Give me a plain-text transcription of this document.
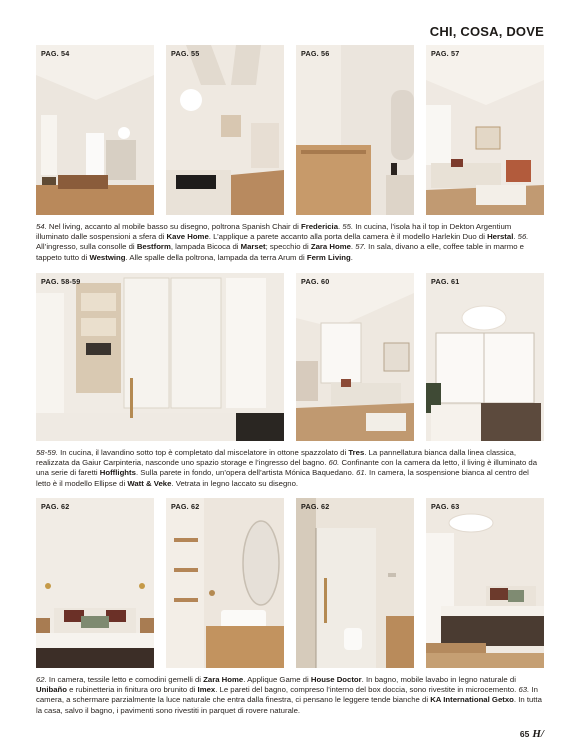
CHI, COSA, DOVE
PAG. 54	PAG. 55	PAG. 56	PAG. 57
54. Nel living, accanto al mobile basso su disegno, poltrona Spanish Chair di Fredericia. 55. In cucina, l’isola ha il top in Dekton Argentium illuminato dalle sospensioni a sfera di Kave Home. L’applique a parete accanto alla porta della camera è il modello Harlekin Duo di Herstal. 56. All’ingresso, sulla consolle di Bestform, lampada Bicoca di Marset; specchio di Zara Home. 57. In sala, divano a elle, coffee table in marmo e tappeto tutto di Westwing. Alle spalle della poltrona, lampada da terra Arum di Ferm Living.
PAG. 58-59	PAG. 60	PAG. 61
58-59. In cucina, il lavandino sotto top è completato dal miscelatore in ottone spazzolato di Tres. La pannellatura bianca dalla linea classica, realizzata da Gaiur Carpinteria, nasconde uno spazio storage e l’ingresso del bagno. 60. Confinante con la camera da letto, il living è illuminato da una serie di faretti Hofflights. Sulla parete in fondo, un’opera dell’artista Mónica Baquedano. 61. In camera, la sospensione bianca al centro del letto è il modello Ellipse di Watt & Veke. Vetrata in legno laccato su disegno.
PAG. 62	PAG. 62	PAG. 62	PAG. 63
62. In camera, tessile letto e comodini gemelli di Zara Home. Applique Game di House Doctor. In bagno, mobile lavabo in legno naturale di Unibaño e rubinetteria in finitura oro brunito di Imex. Le pareti del bagno, compreso l’interno del box doccia, sono rivestite in microcemento. 63. In camera, a schermare parzialmente la luce naturale che entra dalla finestra, ci pensano le leggere tende bianche di KA International Getxo. In tutta la casa, salvo il bagno, i pavimenti sono rivestiti in parquet di rovere naturale.
65 H/
